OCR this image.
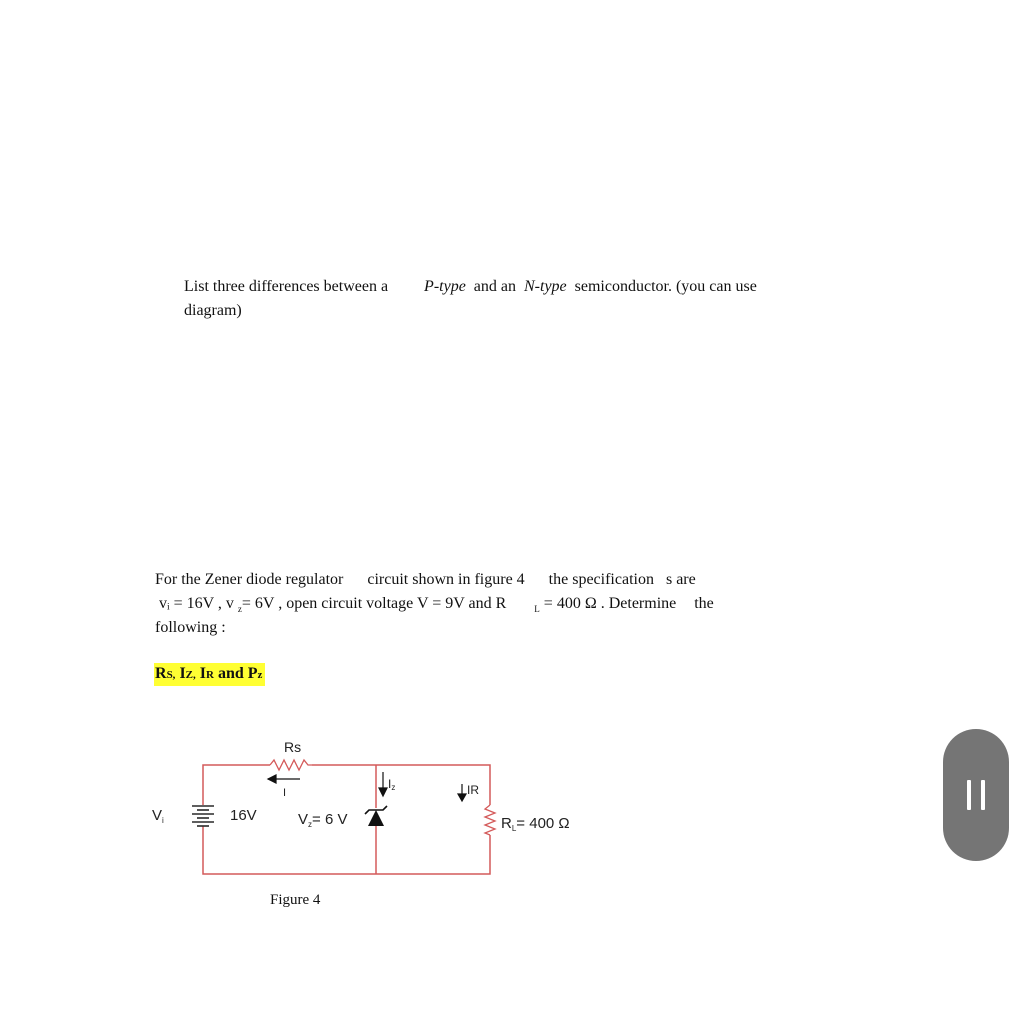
List three differences between a P-type and an N-type semiconductor. (you can use
diagram)
For the Zener diode regulator circuit shown in figure 4 the specification s are
vᵢ = 16V , v $_z$= 6V , open circuit voltage V = 9V and R	$_L$ = 400 Ω . Determine the
following :
RS, IZ, IR and Pz
Rs
I
Iz	IR
$V_i$	16V	$V_z= 6$ V	$R_L= 400$ Ω
Figure 4
